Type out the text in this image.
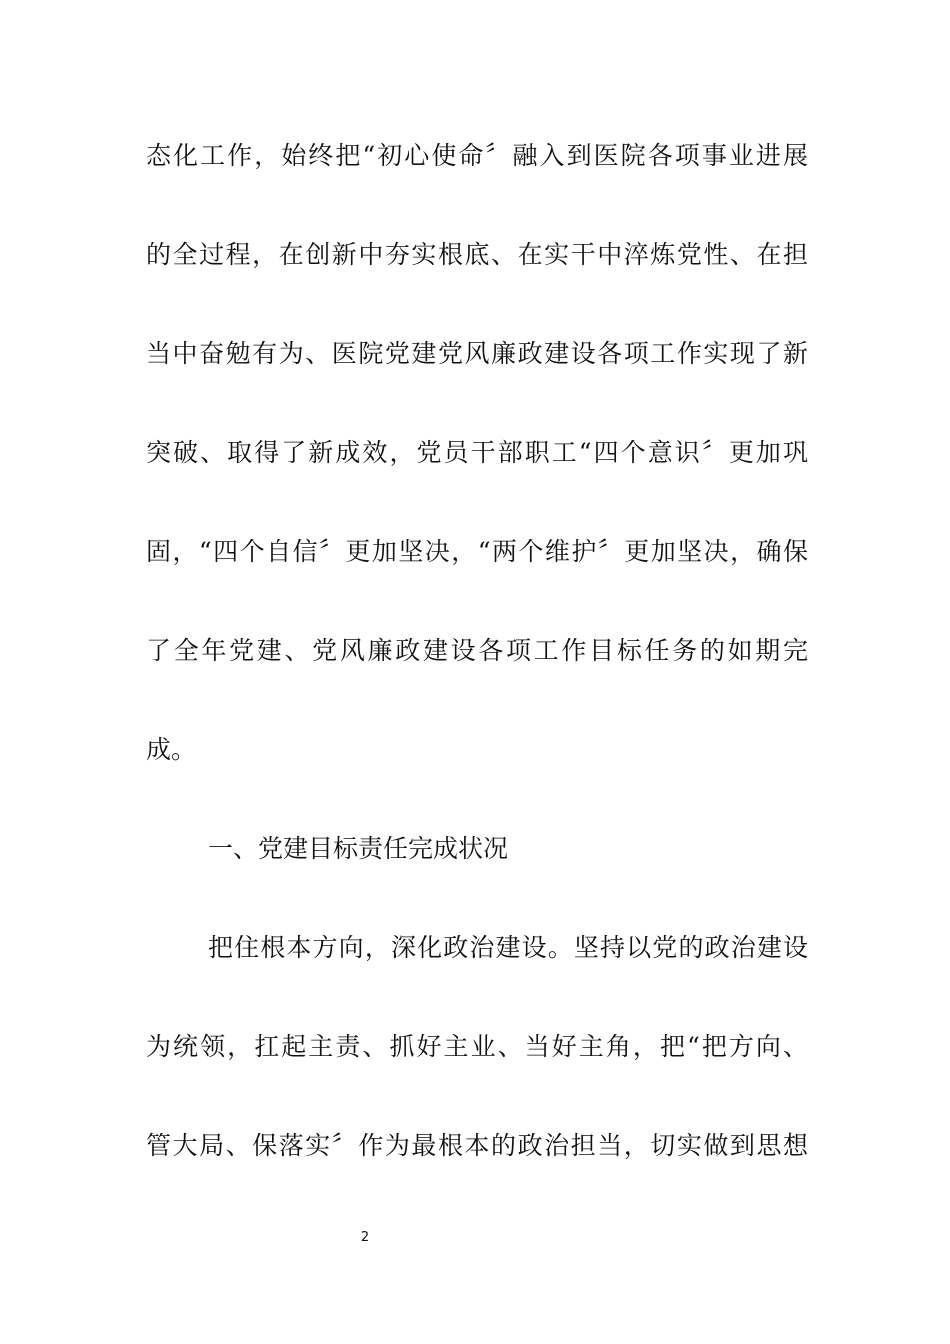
态化工作，始终把“初心使命〞融入到医院各项事业进展
的全过程，在创新中夯实根底、在实干中淬炼党性、在担
当中奋勉有为、医院党建党风廉政建设各项工作实现了新
突破、取得了新成效，党员干部职工“四个意识〞更加巩
固，“四个自信〞更加坚决，“两个维护〞更加坚决，确保
了全年党建、党风廉政建设各项工作目标任务的如期完
成。
一、党建目标责任完成状况
把住根本方向，深化政治建设。坚持以党的政治建设
为统领，扛起主责、抓好主业、当好主角，把“把方向、
管大局、保落实〞作为最根本的政治担当，切实做到思想
2
